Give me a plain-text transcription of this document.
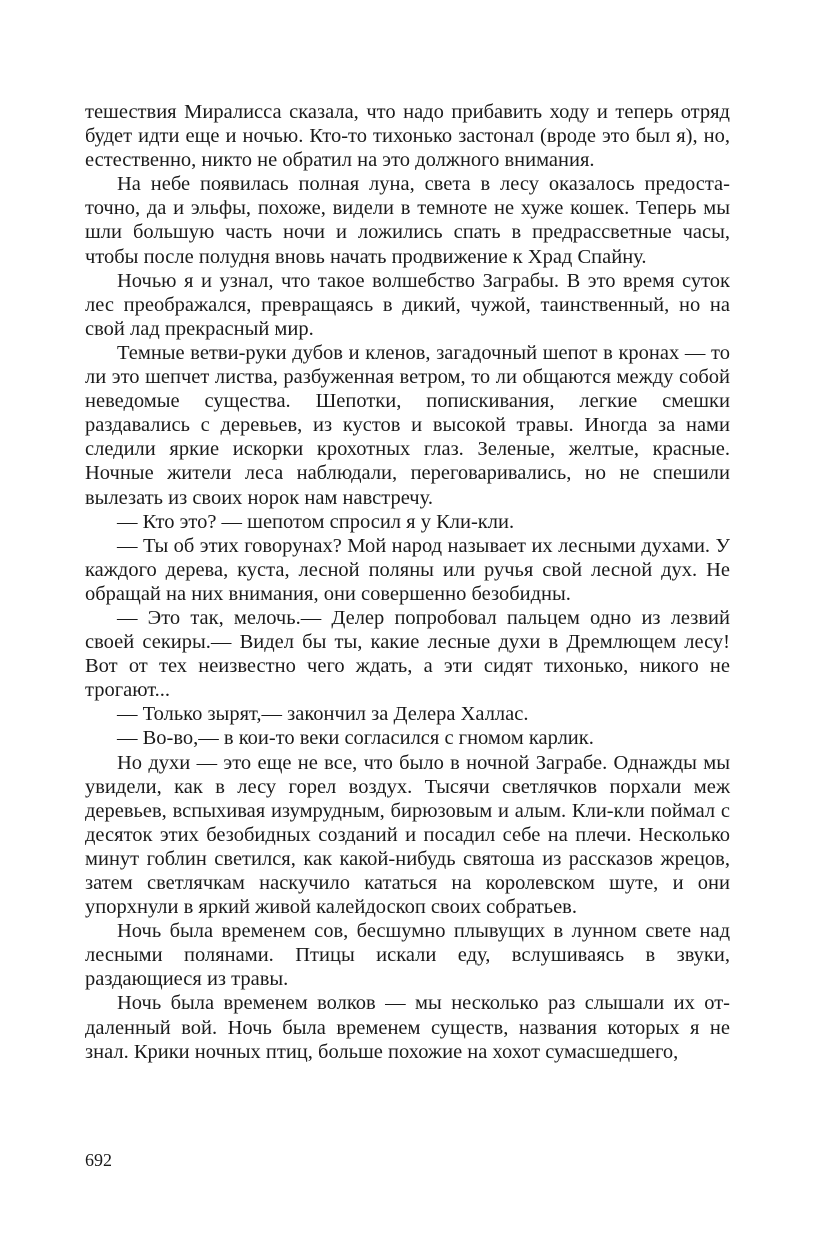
тешествия Миралисса сказала, что надо прибавить ходу и теперь отряд будет идти еще и ночью. Кто-то тихонько застонал (вроде это был я), но, естественно, никто не обратил на это должного внимания.

На небе появилась полная луна, света в лесу оказалось предостаточно, да и эльфы, похоже, видели в темноте не хуже кошек. Теперь мы шли большую часть ночи и ложились спать в предрассветные часы, чтобы после полудня вновь начать продвижение к Храд Спайну.

Ночью я и узнал, что такое волшебство Заграбы. В это время суток лес преображался, превращаясь в дикий, чужой, таинственный, но на свой лад прекрасный мир.

Темные ветви-руки дубов и кленов, загадочный шепот в кронах — то ли это шепчет листва, разбуженная ветром, то ли общаются между собой неведомые существа. Шепотки, попискивания, легкие смешки раздавались с деревьев, из кустов и высокой травы. Иногда за нами следили яркие искорки крохотных глаз. Зеленые, желтые, красные. Ночные жители леса наблюдали, переговаривались, но не спешили вылезать из своих норок нам навстречу.

— Кто это? — шепотом спросил я у Кли-кли.

— Ты об этих говорунах? Мой народ называет их лесными духами. У каждого дерева, куста, лесной поляны или ручья свой лесной дух. Не обращай на них внимания, они совершенно безобидны.

— Это так, мелочь.— Делер попробовал пальцем одно из лезвий своей секиры.— Видел бы ты, какие лесные духи в Дремлющем лесу! Вот от тех неизвестно чего ждать, а эти сидят тихонько, никого не трогают...

— Только зырят,— закончил за Делера Халлас.

— Во-во,— в кои-то веки согласился с гномом карлик.

Но духи — это еще не все, что было в ночной Заграбе. Однажды мы увидели, как в лесу горел воздух. Тысячи светлячков порхали меж деревьев, вспыхивая изумрудным, бирюзовым и алым. Кли-кли поймал с десяток этих безобидных созданий и посадил себе на плечи. Несколько минут гоблин светился, как какой-нибудь святоша из рассказов жрецов, затем светлячкам наскучило кататься на королевском шуте, и они упорхнули в яркий живой калейдоскоп своих собратьев.

Ночь была временем сов, бесшумно плывущих в лунном свете над лесными полянами. Птицы искали еду, вслушиваясь в звуки, раздающиеся из травы.

Ночь была временем волков — мы несколько раз слышали их отдаленный вой. Ночь была временем существ, названия которых я не знал. Крики ночных птиц, больше похожие на хохот сумасшедшего,

692
